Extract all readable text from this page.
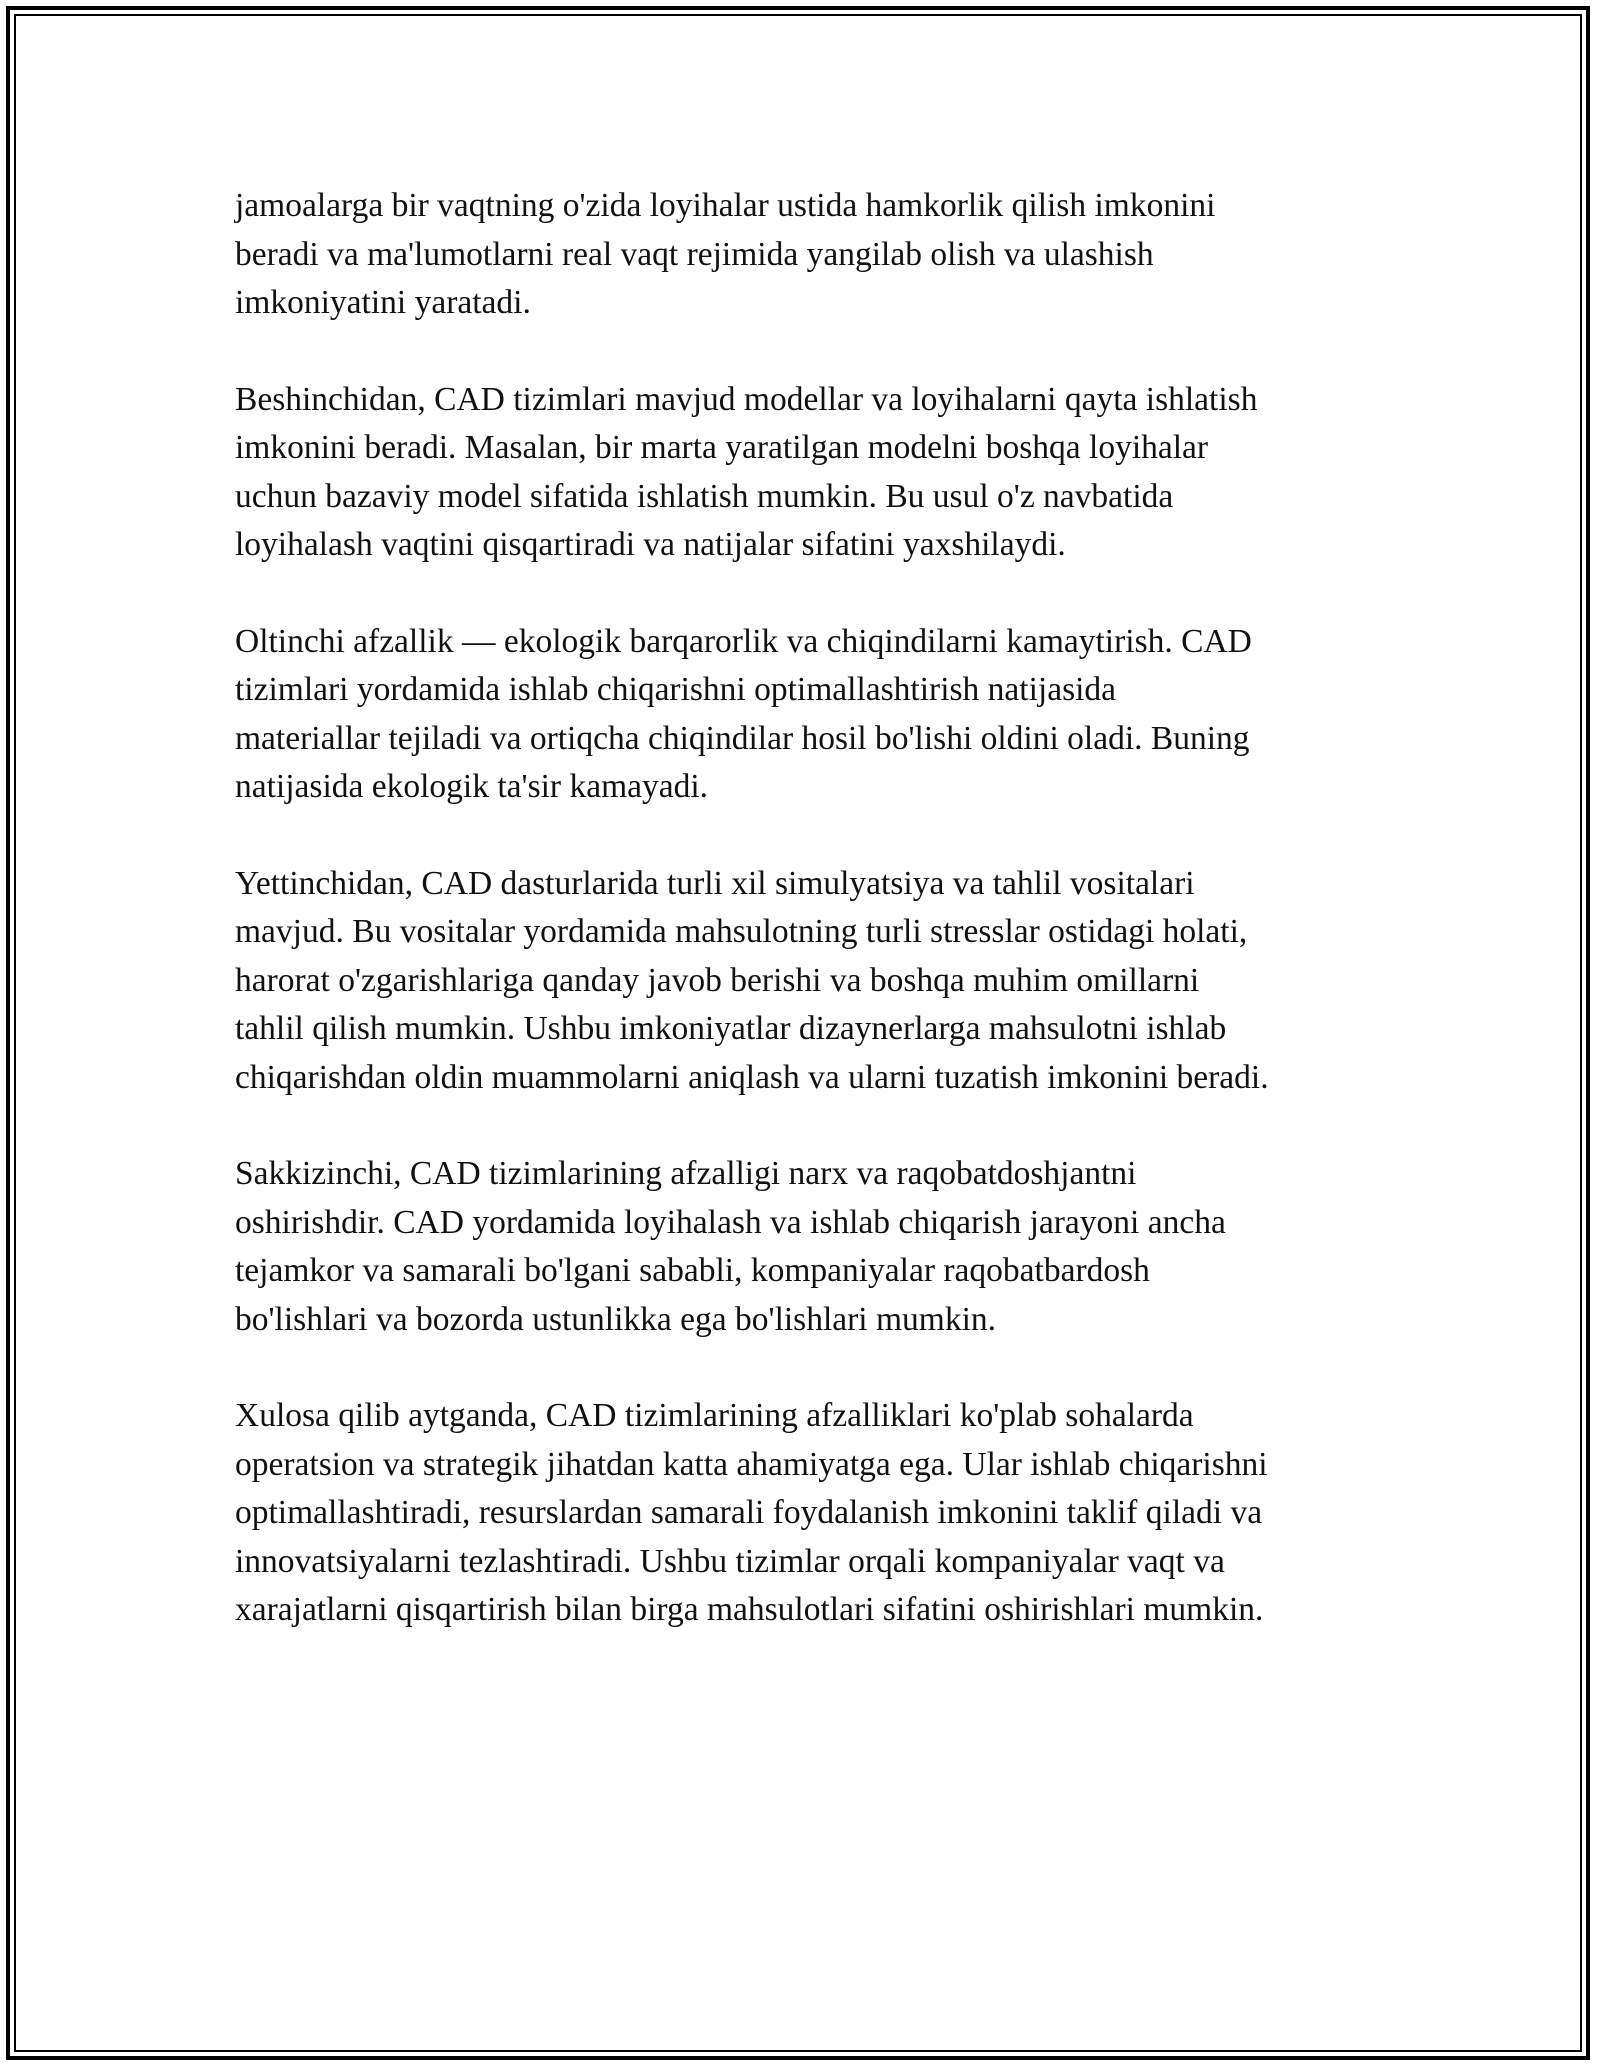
jamoalarga bir vaqtning o'zida loyihalar ustida hamkorlik qilish imkonini
beradi va ma'lumotlarni real vaqt rejimida yangilab olish va ulashish
imkoniyatini yaratadi.

Beshinchidan, CAD tizimlari mavjud modellar va loyihalarni qayta ishlatish
imkonini beradi. Masalan, bir marta yaratilgan modelni boshqa loyihalar
uchun bazaviy model sifatida ishlatish mumkin. Bu usul o'z navbatida
loyihalash vaqtini qisqartiradi va natijalar sifatini yaxshilaydi.

Oltinchi afzallik — ekologik barqarorlik va chiqindilarni kamaytirish. CAD
tizimlari yordamida ishlab chiqarishni optimallashtirish natijasida
materiallar tejiladi va ortiqcha chiqindilar hosil bo'lishi oldini oladi. Buning
natijasida ekologik ta'sir kamayadi.

Yettinchidan, CAD dasturlarida turli xil simulyatsiya va tahlil vositalari
mavjud. Bu vositalar yordamida mahsulotning turli stresslar ostidagi holati,
harorat o'zgarishlariga qanday javob berishi va boshqa muhim omillarni
tahlil qilish mumkin. Ushbu imkoniyatlar dizaynerlarga mahsulotni ishlab
chiqarishdan oldin muammolarni aniqlash va ularni tuzatish imkonini beradi.

Sakkizinchi, CAD tizimlarining afzalligi narx va raqobatdoshjantni
oshirishdir. CAD yordamida loyihalash va ishlab chiqarish jarayoni ancha
tejamkor va samarali bo'lgani sababli, kompaniyalar raqobatbardosh
bo'lishlari va bozorda ustunlikka ega bo'lishlari mumkin.

Xulosa qilib aytganda, CAD tizimlarining afzalliklari ko'plab sohalarda
operatsion va strategik jihatdan katta ahamiyatga ega. Ular ishlab chiqarishni
optimallashtiradi, resurslardan samarali foydalanish imkonini taklif qiladi va
innovatsiyalarni tezlashtiradi. Ushbu tizimlar orqali kompaniyalar vaqt va
xarajatlarni qisqartirish bilan birga mahsulotlari sifatini oshirishlari mumkin.
